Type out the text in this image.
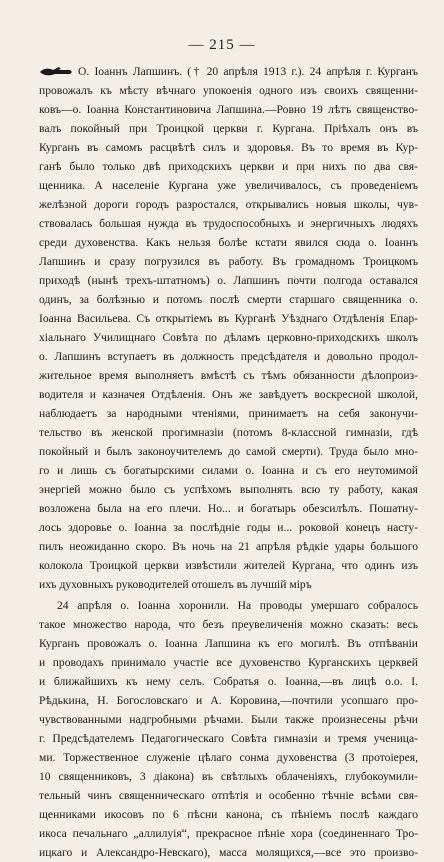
— 215 —
О. Іоаннъ Лапшинъ. († 20 апрѣля 1913 г.). 24 апрѣля г. Курганъ
провожалъ къ мѣсту вѣчнаго упокоенія одного изъ своихъ священни-
ковъ—о. Іоанна Константиновича Лапшина.—Ровно 19 лѣтъ священство-
валъ покойный при Троицкой церкви г. Кургана. Пріѣхалъ онъ въ
Курганъ въ самомъ расцвѣтѣ силъ и здоровья. Въ то время въ Кур-
ганѣ было только двѣ приходскихъ церкви и при нихъ по два свя-
щенника. А населеніе Кургана уже увеличивалось, съ проведеніемъ
желѣзной дороги городъ разростался, открывались новыя школы, чув-
ствовалась большая нужда въ трудоспособныхъ и энергичныхъ людяхъ
среди духовенства. Какъ нельзя болѣе кстати явился сюда о. Іоаннъ
Лапшинъ и сразу погрузился въ работу. Въ громадномъ Троицкомъ
приходѣ (нынѣ трехъ-штатномъ) о. Лапшинъ почти полгода оставался
одинъ, за болѣзнью и потомъ послѣ смерти старшаго священника о.
Іоанна Васильева. Съ открытіемъ въ Курганѣ Уѣзднаго Отдѣленія Епар-
хіальнаго Училищнаго Совѣта по дѣламъ церковно-приходскихъ школъ
о. Лапшинъ вступаетъ въ должность предсѣдателя и довольно продол-
жительное время выполняетъ вмѣстѣ съ тѣмъ обязанности дѣлопроиз-
водителя и казначея Отдѣленія. Онъ же завѣдуетъ воскресной школой,
наблюдаетъ за народными чтеніями, принимаетъ на себя законучи-
тельство въ женской прогимназіи (потомъ 8-классной гимназіи, гдѣ
покойный и былъ законоучителемъ до самой смерти). Труда было мно-
го и лишь съ богатырскими силами о. Іоанна и съ его неутомимой
энергіей можно было съ успѣхомъ выполнять всю ту работу, какая
возложена была на его плечи. Но... и богатырь обезсилѣлъ. Пошатну-
лось здоровье о. Іоанна за послѣдніе годы и... роковой конецъ насту-
пилъ неожиданно скоро. Въ ночь на 21 апрѣля рѣдкіе удары большого
колокола Троицкой церкви извѣстили жителей Кургана, что одинъ изъ
ихъ духовныхъ руководителей отошелъ въ лучшій міръ
24 апрѣля о. Іоанна хоронили. На проводы умершаго собралось
такое множество народа, что безъ преувеличенія можно сказать: весь
Курганъ провожалъ о. Іоанна Лапшина къ его могилѣ. Въ отпѣваніи
и проводахъ принимало участіе все духовенство Курганскихъ церквей
и ближайшихъ къ нему селъ. Собратья о. Іоанна,—въ лицѣ о.о. І.
Рѣдькина, Н. Богословскаго и А. Коровина,—почтили усопшаго про-
чувствованными надгробными рѣчами. Были также произнесены рѣчи
г. Предсѣдателемъ Педагогическаго Совѣта гимназіи и тремя ученица-
ми. Торжественное служеніе цѣлаго сонма духовенства (3 протоіерея,
10 священниковъ, 3 діакона) въ свѣтлыхъ облаченіяхъ, глубокоумили-
тельный чинъ священническаго отпѣтія и особенно тѣчніе всѣми свя-
щенниками икосовъ по 6 пѣсни канона, съ пѣніемъ послѣ каждаго
икоса печальнаго „аллилуія“, прекрасное пѣніе хора (соединеннаго Тро-
ицкаго и Александро-Невскаго), масса молящихся,—все это произво-
